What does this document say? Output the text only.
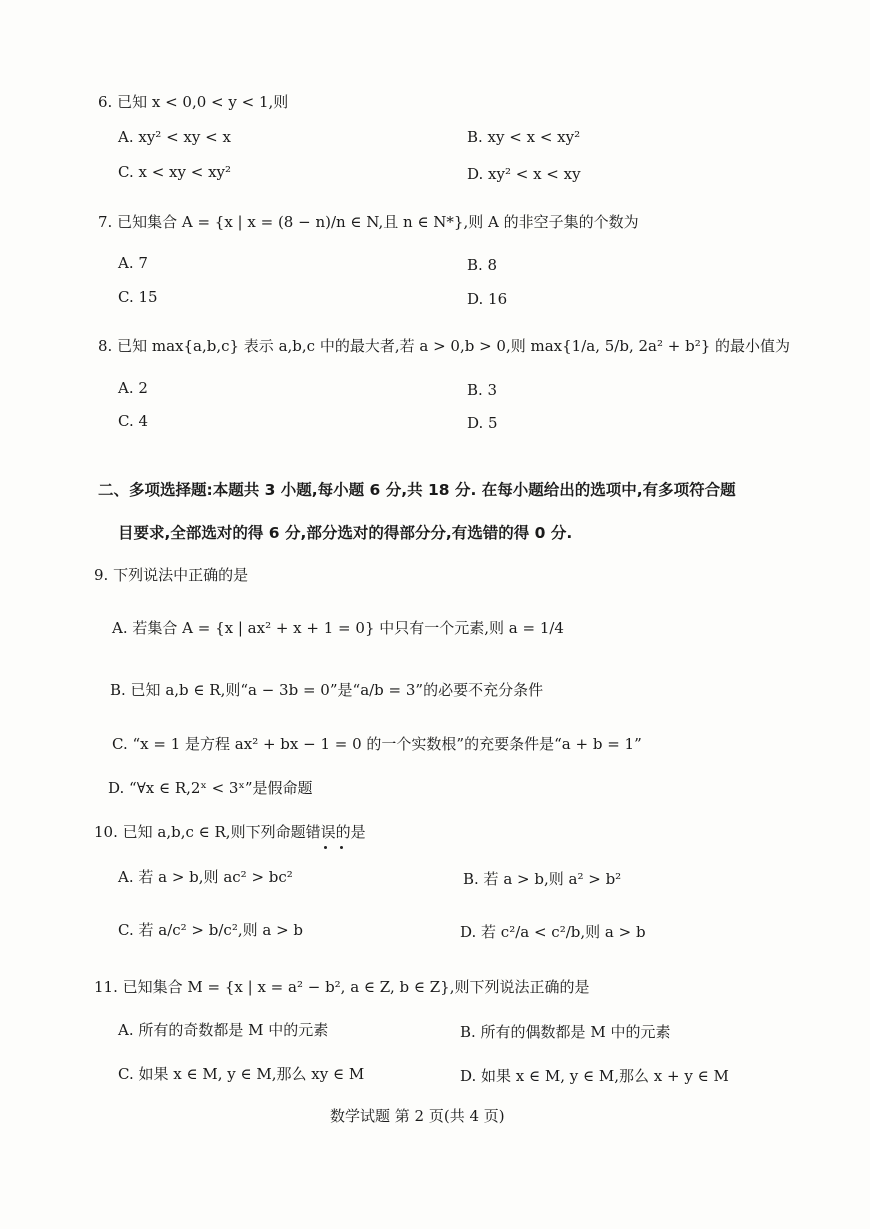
6. 已知 x < 0,0 < y < 1,则
A. xy² < xy < x	B. xy < x < xy²
C. x < xy < xy²	D. xy² < x < xy
7. 已知集合 A = {x | x = (8 − n)/n ∈ N,且 n ∈ N*},则 A 的非空子集的个数为
A. 7	B. 8
C. 15	D. 16
8. 已知 max{a,b,c} 表示 a,b,c 中的最大者,若 a > 0,b > 0,则 max{1/a, 5/b, 2a² + b²} 的最小值为
A. 2	B. 3
C. 4	D. 5
二、多项选择题:本题共 3 小题,每小题 6 分,共 18 分. 在每小题给出的选项中,有多项符合题
目要求,全部选对的得 6 分,部分选对的得部分分,有选错的得 0 分.
9. 下列说法中正确的是
A. 若集合 A = {x | ax² + x + 1 = 0} 中只有一个元素,则 a = 1/4
B. 已知 a,b ∈ R,则“a − 3b = 0”是“a/b = 3”的必要不充分条件
C. “x = 1 是方程 ax² + bx − 1 = 0 的一个实数根”的充要条件是“a + b = 1”
D. “∀x ∈ R,2ˣ < 3ˣ”是假命题
10. 已知 a,b,c ∈ R,则下列命题错误的是
A. 若 a > b,则 ac² > bc²	B. 若 a > b,则 a² > b²
C. 若 a/c² > b/c²,则 a > b	D. 若 c²/a < c²/b,则 a > b
11. 已知集合 M = {x | x = a² − b², a ∈ Z, b ∈ Z},则下列说法正确的是
A. 所有的奇数都是 M 中的元素	B. 所有的偶数都是 M 中的元素
C. 如果 x ∈ M, y ∈ M,那么 xy ∈ M	D. 如果 x ∈ M, y ∈ M,那么 x + y ∈ M
数学试题 第 2 页(共 4 页)
